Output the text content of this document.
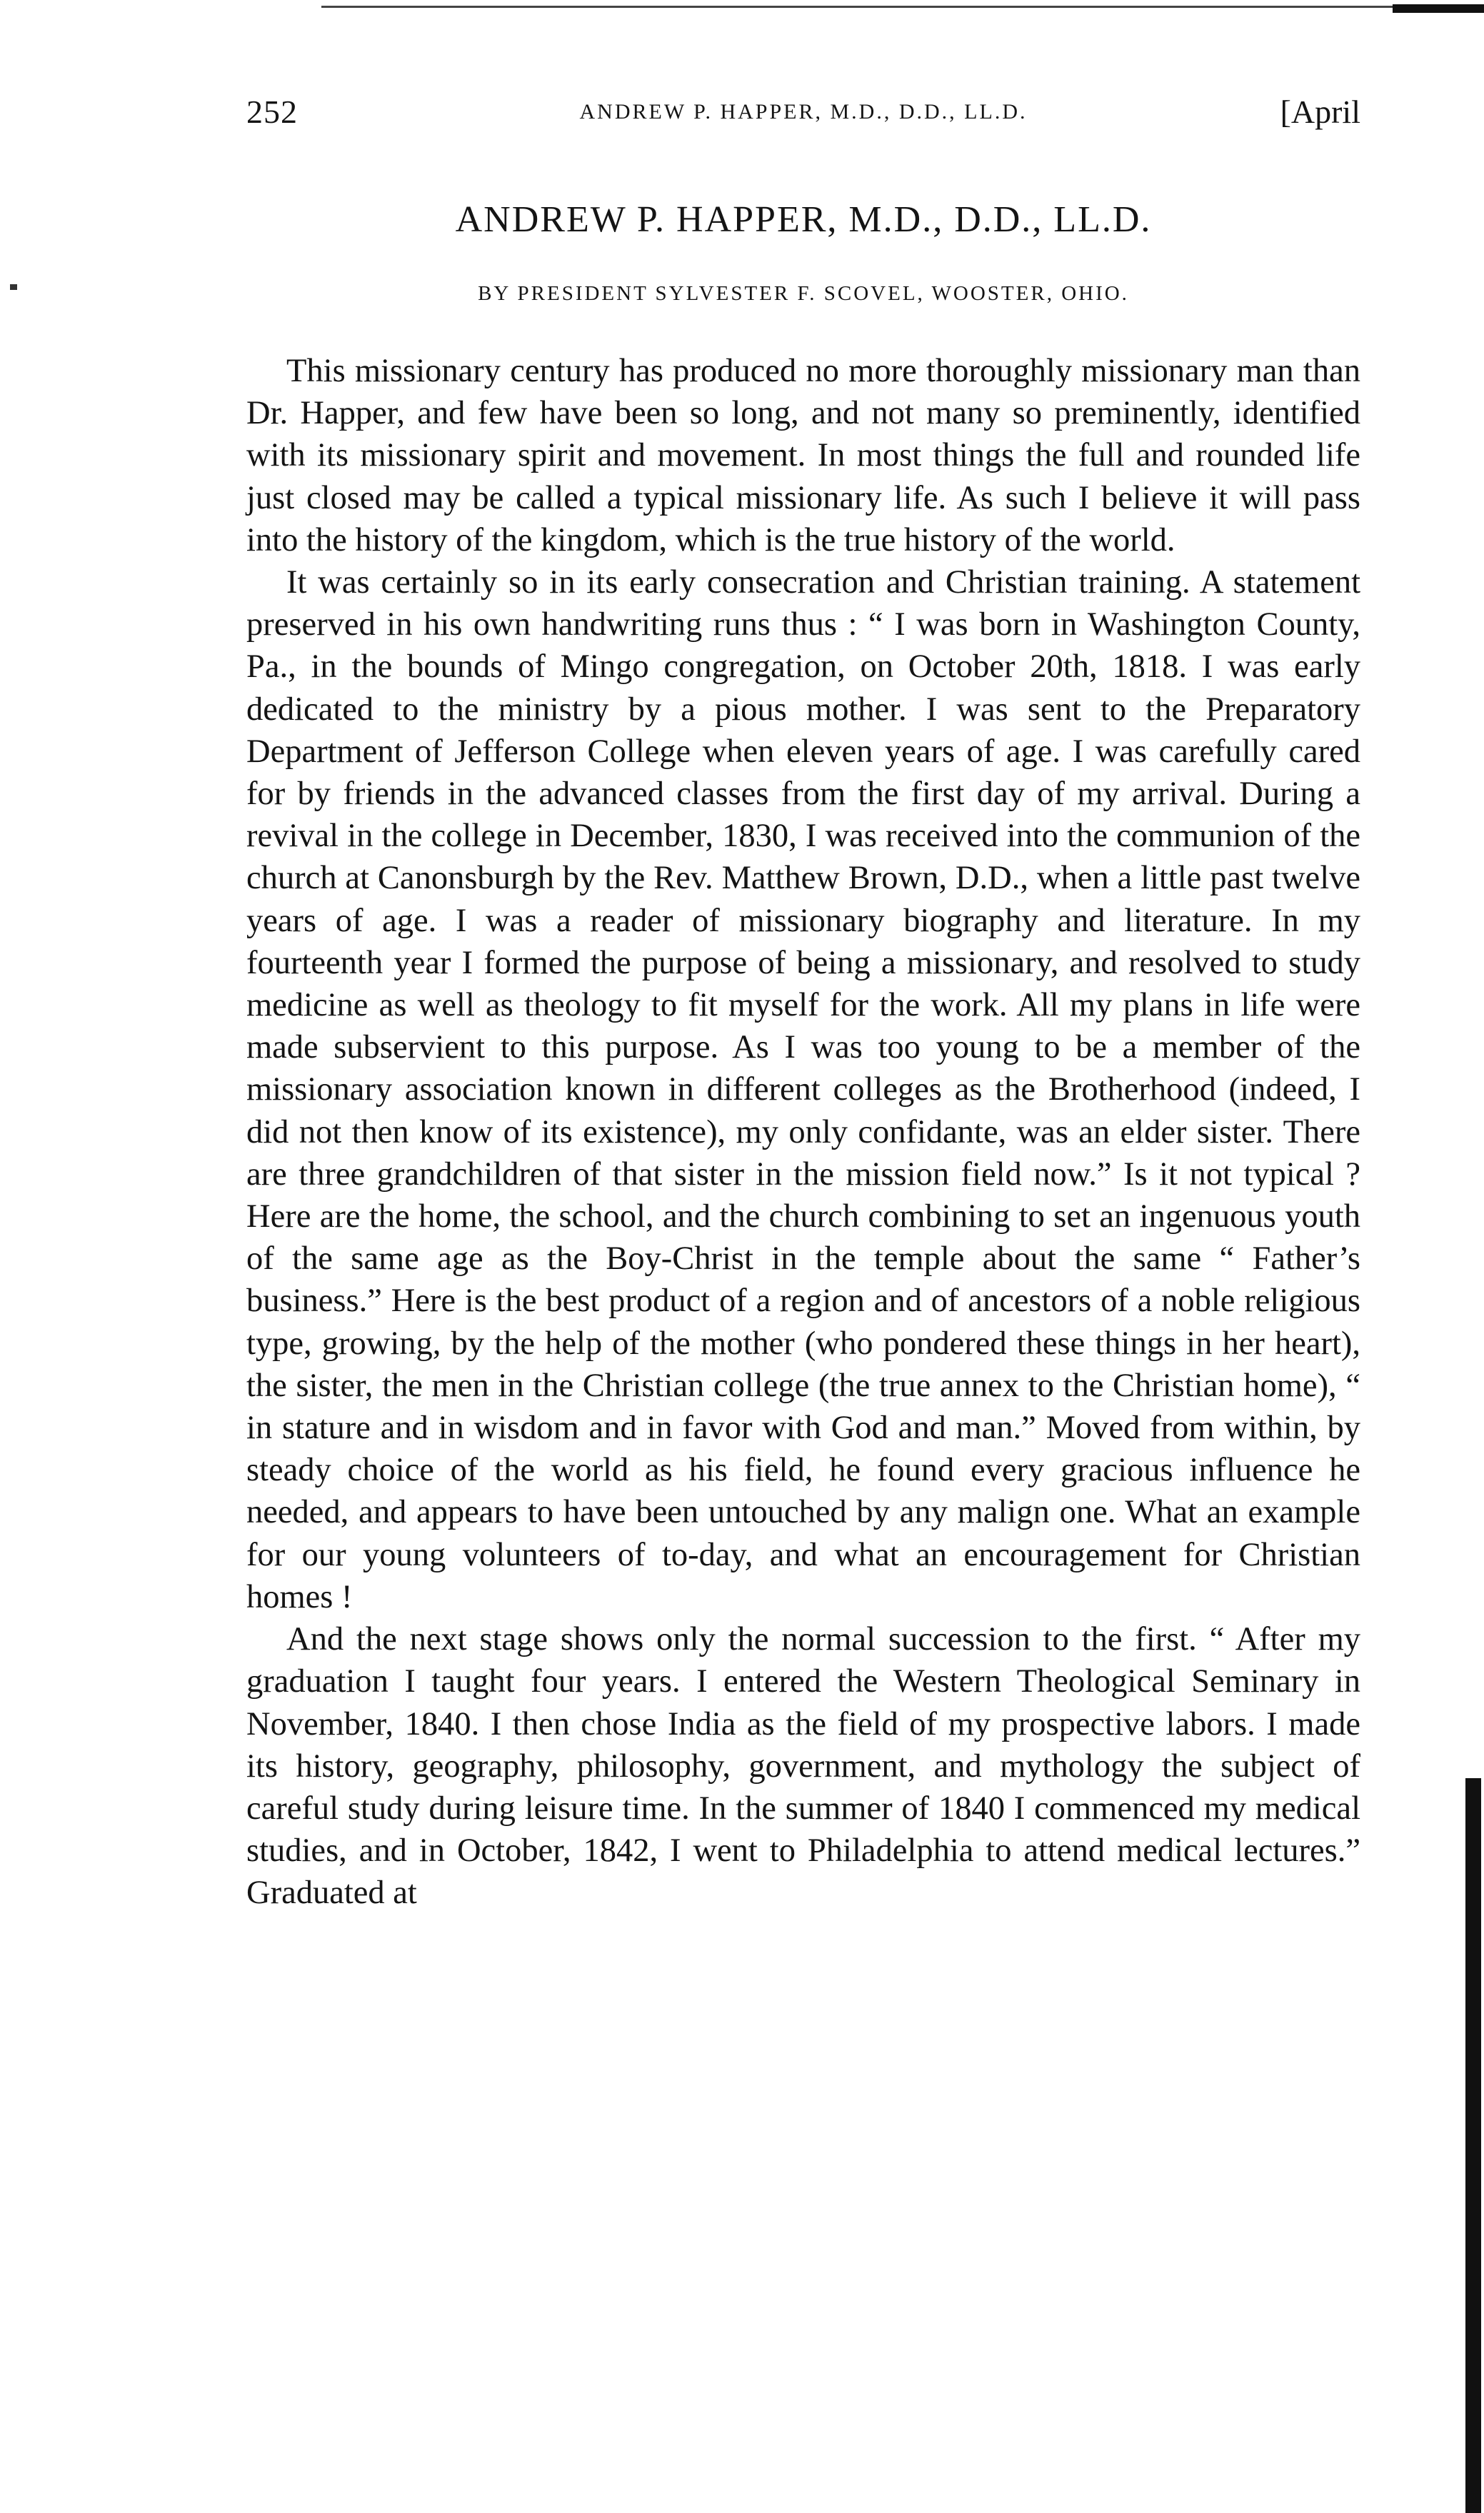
252	ANDREW P. HAPPER, M.D., D.D., LL.D.	[April
ANDREW P. HAPPER, M.D., D.D., LL.D.
BY PRESIDENT SYLVESTER F. SCOVEL, WOOSTER, OHIO.

This missionary century has produced no more thoroughly missionary man than Dr. Happer, and few have been so long, and not many so preminently, identified with its missionary spirit and movement. In most things the full and rounded life just closed may be called a typical missionary life. As such I believe it will pass into the history of the kingdom, which is the true history of the world.

It was certainly so in its early consecration and Christian training. A statement preserved in his own handwriting runs thus : “ I was born in Washington County, Pa., in the bounds of Mingo congregation, on October 20th, 1818. I was early dedicated to the ministry by a pious mother. I was sent to the Preparatory Department of Jefferson College when eleven years of age. I was carefully cared for by friends in the advanced classes from the first day of my arrival. During a revival in the college in December, 1830, I was received into the communion of the church at Canonsburgh by the Rev. Matthew Brown, D.D., when a little past twelve years of age. I was a reader of missionary biography and literature. In my fourteenth year I formed the purpose of being a missionary, and resolved to study medicine as well as theology to fit myself for the work. All my plans in life were made subservient to this purpose. As I was too young to be a member of the missionary association known in different colleges as the Brotherhood (indeed, I did not then know of its existence), my only confidante, was an elder sister. There are three grandchildren of that sister in the mission field now.” Is it not typical ? Here are the home, the school, and the church combining to set an ingenuous youth of the same age as the Boy-Christ in the temple about the same “ Father’s business.” Here is the best product of a region and of ancestors of a noble religious type, growing, by the help of the mother (who pondered these things in her heart), the sister, the men in the Christian college (the true annex to the Christian home), “ in stature and in wisdom and in favor with God and man.” Moved from within, by steady choice of the world as his field, he found every gracious influence he needed, and appears to have been untouched by any malign one. What an example for our young volunteers of to-day, and what an encouragement for Christian homes !

And the next stage shows only the normal succession to the first. “ After my graduation I taught four years. I entered the Western Theological Seminary in November, 1840. I then chose India as the field of my prospective labors. I made its history, geography, philosophy, government, and mythology the subject of careful study during leisure time. In the summer of 1840 I commenced my medical studies, and in October, 1842, I went to Philadelphia to attend medical lectures.” Graduated at
